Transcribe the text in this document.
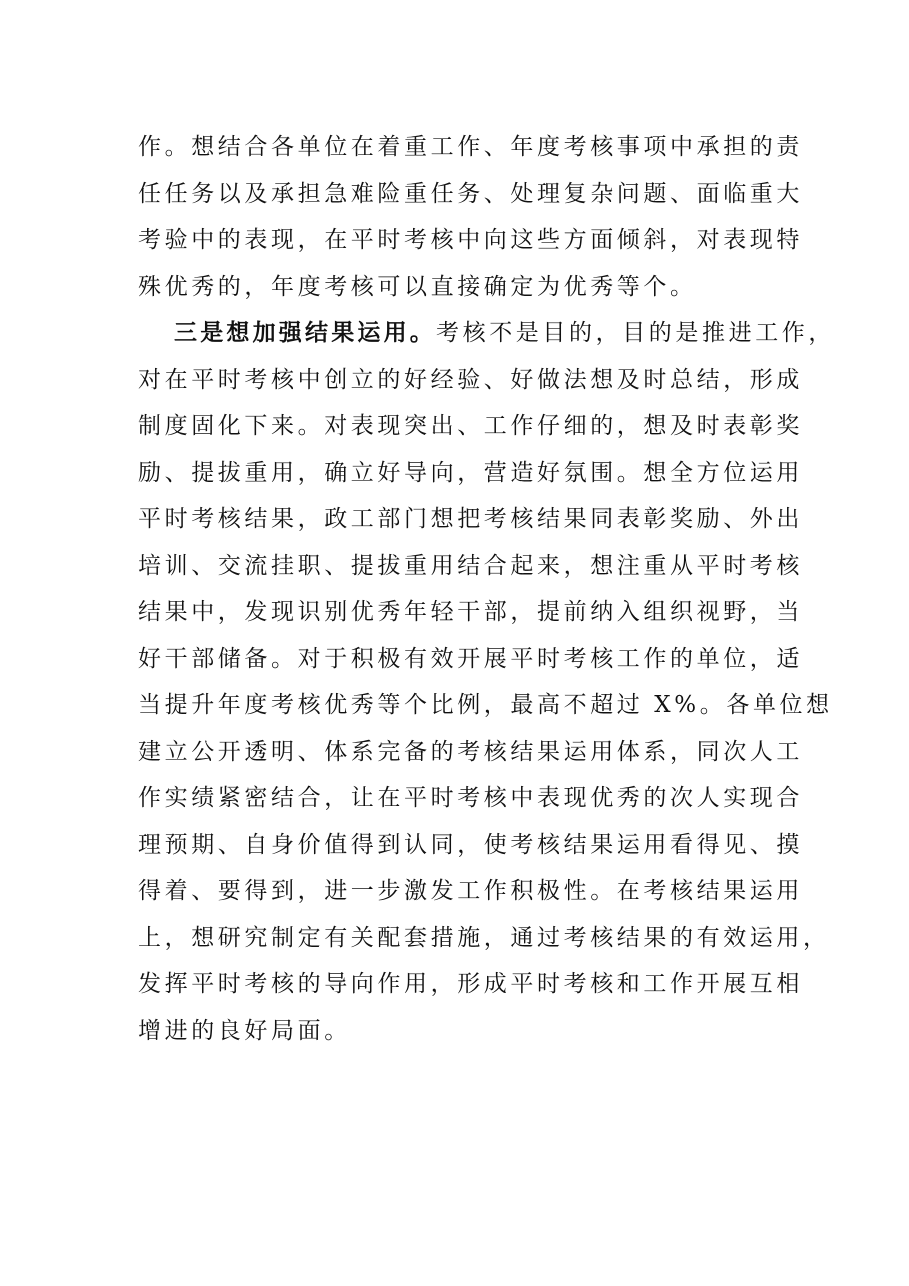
作。想结合各单位在着重工作、年度考核事项中承担的责
任任务以及承担急难险重任务、处理复杂问题、面临重大
考验中的表现，在平时考核中向这些方面倾斜，对表现特
殊优秀的，年度考核可以直接确定为优秀等个。
三是想加强结果运用。考核不是目的，目的是推进工作，
对在平时考核中创立的好经验、好做法想及时总结，形成
制度固化下来。对表现突出、工作仔细的，想及时表彰奖
励、提拔重用，确立好导向，营造好氛围。想全方位运用
平时考核结果，政工部门想把考核结果同表彰奖励、外出
培训、交流挂职、提拔重用结合起来，想注重从平时考核
结果中，发现识别优秀年轻干部，提前纳入组织视野，当
好干部储备。对于积极有效开展平时考核工作的单位，适
当提升年度考核优秀等个比例，最高不超过 X%。各单位想
建立公开透明、体系完备的考核结果运用体系，同次人工
作实绩紧密结合，让在平时考核中表现优秀的次人实现合
理预期、自身价值得到认同，使考核结果运用看得见、摸
得着、要得到，进一步激发工作积极性。在考核结果运用
上，想研究制定有关配套措施，通过考核结果的有效运用，
发挥平时考核的导向作用，形成平时考核和工作开展互相
增进的良好局面。
